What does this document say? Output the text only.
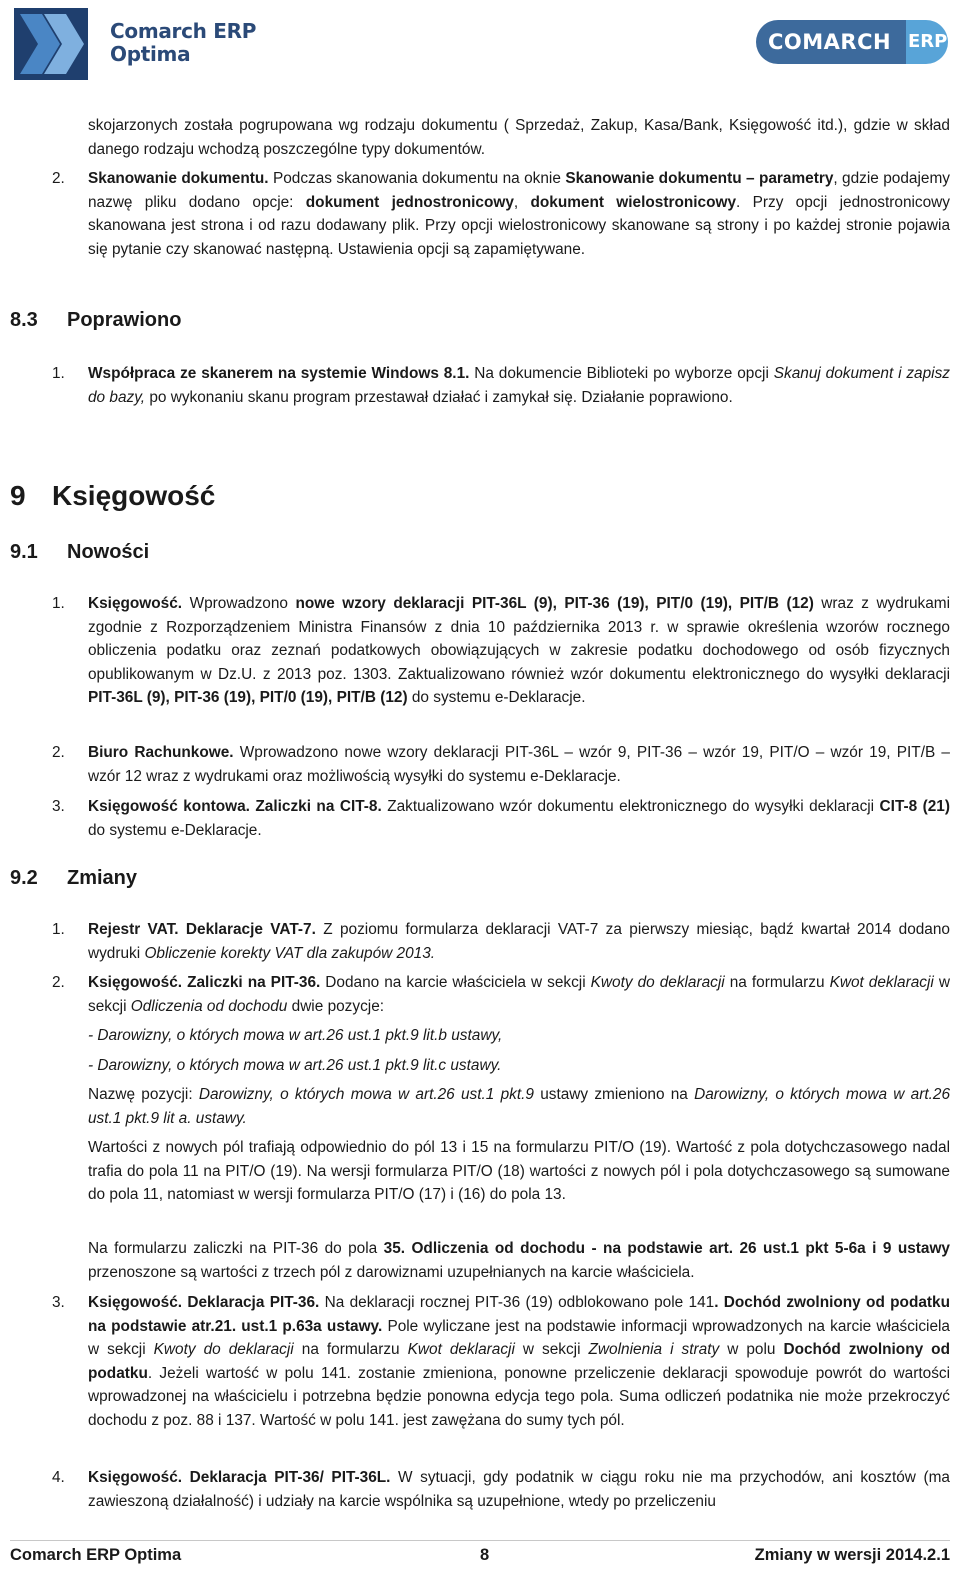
Comarch ERP
Optima	COMARCH ERP
skojarzonych została pogrupowana wg rodzaju dokumentu ( Sprzedaż, Zakup, Kasa/Bank, Księgowość itd.), gdzie w skład danego rodzaju wchodzą poszczególne typy dokumentów.
2. Skanowanie dokumentu. Podczas skanowania dokumentu na oknie Skanowanie dokumentu – parametry, gdzie podajemy nazwę pliku dodano opcje: dokument jednostronicowy, dokument wielostronicowy. Przy opcji jednostronicowy skanowana jest strona i od razu dodawany plik. Przy opcji wielostronicowy skanowane są strony i po każdej stronie pojawia się pytanie czy skanować następną. Ustawienia opcji są zapamiętywane.
8.3 Poprawiono
1. Współpraca ze skanerem na systemie Windows 8.1. Na dokumencie Biblioteki po wyborze opcji Skanuj dokument i zapisz do bazy, po wykonaniu skanu program przestawał działać i zamykał się. Działanie poprawiono.
9 Księgowość
9.1 Nowości
1. Księgowość. Wprowadzono nowe wzory deklaracji PIT-36L (9), PIT-36 (19), PIT/0 (19), PIT/B (12) wraz z wydrukami zgodnie z Rozporządzeniem Ministra Finansów z dnia 10 października 2013 r. w sprawie określenia wzorów rocznego obliczenia podatku oraz zeznań podatkowych obowiązujących w zakresie podatku dochodowego od osób fizycznych opublikowanym w Dz.U. z 2013 poz. 1303. Zaktualizowano również wzór dokumentu elektronicznego do wysyłki deklaracji PIT-36L (9), PIT-36 (19), PIT/0 (19), PIT/B (12) do systemu e-Deklaracje.
2. Biuro Rachunkowe. Wprowadzono nowe wzory deklaracji PIT-36L – wzór 9, PIT-36 – wzór 19, PIT/O – wzór 19, PIT/B – wzór 12 wraz z wydrukami oraz możliwością wysyłki do systemu e-Deklaracje.
3. Księgowość kontowa. Zaliczki na CIT-8. Zaktualizowano wzór dokumentu elektronicznego do wysyłki deklaracji CIT-8 (21) do systemu e-Deklaracje.
9.2 Zmiany
1. Rejestr VAT. Deklaracje VAT-7. Z poziomu formularza deklaracji VAT-7 za pierwszy miesiąc, bądź kwartał 2014 dodano wydruki Obliczenie korekty VAT dla zakupów 2013.
2. Księgowość. Zaliczki na PIT-36. Dodano na karcie właściciela w sekcji Kwoty do deklaracji na formularzu Kwot deklaracji w sekcji Odliczenia od dochodu dwie pozycje:
- Darowizny, o których mowa w art.26 ust.1 pkt.9 lit.b ustawy,
- Darowizny, o których mowa w art.26 ust.1 pkt.9 lit.c ustawy.
Nazwę pozycji: Darowizny, o których mowa w art.26 ust.1 pkt.9 ustawy zmieniono na Darowizny, o których mowa w art.26 ust.1 pkt.9 lit a. ustawy.
Wartości z nowych pól trafiają odpowiednio do pól 13 i 15 na formularzu PIT/O (19). Wartość z pola dotychczasowego nadal trafia do pola 11 na PIT/O (19). Na wersji formularza PIT/O (18) wartości z nowych pól i pola dotychczasowego są sumowane do pola 11, natomiast w wersji formularza PIT/O (17) i (16) do pola 13.
Na formularzu zaliczki na PIT-36 do pola 35. Odliczenia od dochodu - na podstawie art. 26 ust.1 pkt 5-6a i 9 ustawy przenoszone są wartości z trzech pól z darowiznami uzupełnianych na karcie właściciela.
3. Księgowość. Deklaracja PIT-36. Na deklaracji rocznej PIT-36 (19) odblokowano pole 141. Dochód zwolniony od podatku na podstawie atr.21. ust.1 p.63a ustawy. Pole wyliczane jest na podstawie informacji wprowadzonych na karcie właściciela w sekcji Kwoty do deklaracji na formularzu Kwot deklaracji w sekcji Zwolnienia i straty w polu Dochód zwolniony od podatku. Jeżeli wartość w polu 141. zostanie zmieniona, ponowne przeliczenie deklaracji spowoduje powrót do wartości wprowadzonej na właścicielu i potrzebna będzie ponowna edycja tego pola. Suma odliczeń podatnika nie może przekroczyć dochodu z poz. 88 i 137. Wartość w polu 141. jest zawężana do sumy tych pól.
4. Księgowość. Deklaracja PIT-36/ PIT-36L. W sytuacji, gdy podatnik w ciągu roku nie ma przychodów, ani kosztów (ma zawieszoną działalność) i udziały na karcie wspólnika są uzupełnione, wtedy po przeliczeniu
Comarch ERP Optima	8	Zmiany w wersji 2014.2.1
